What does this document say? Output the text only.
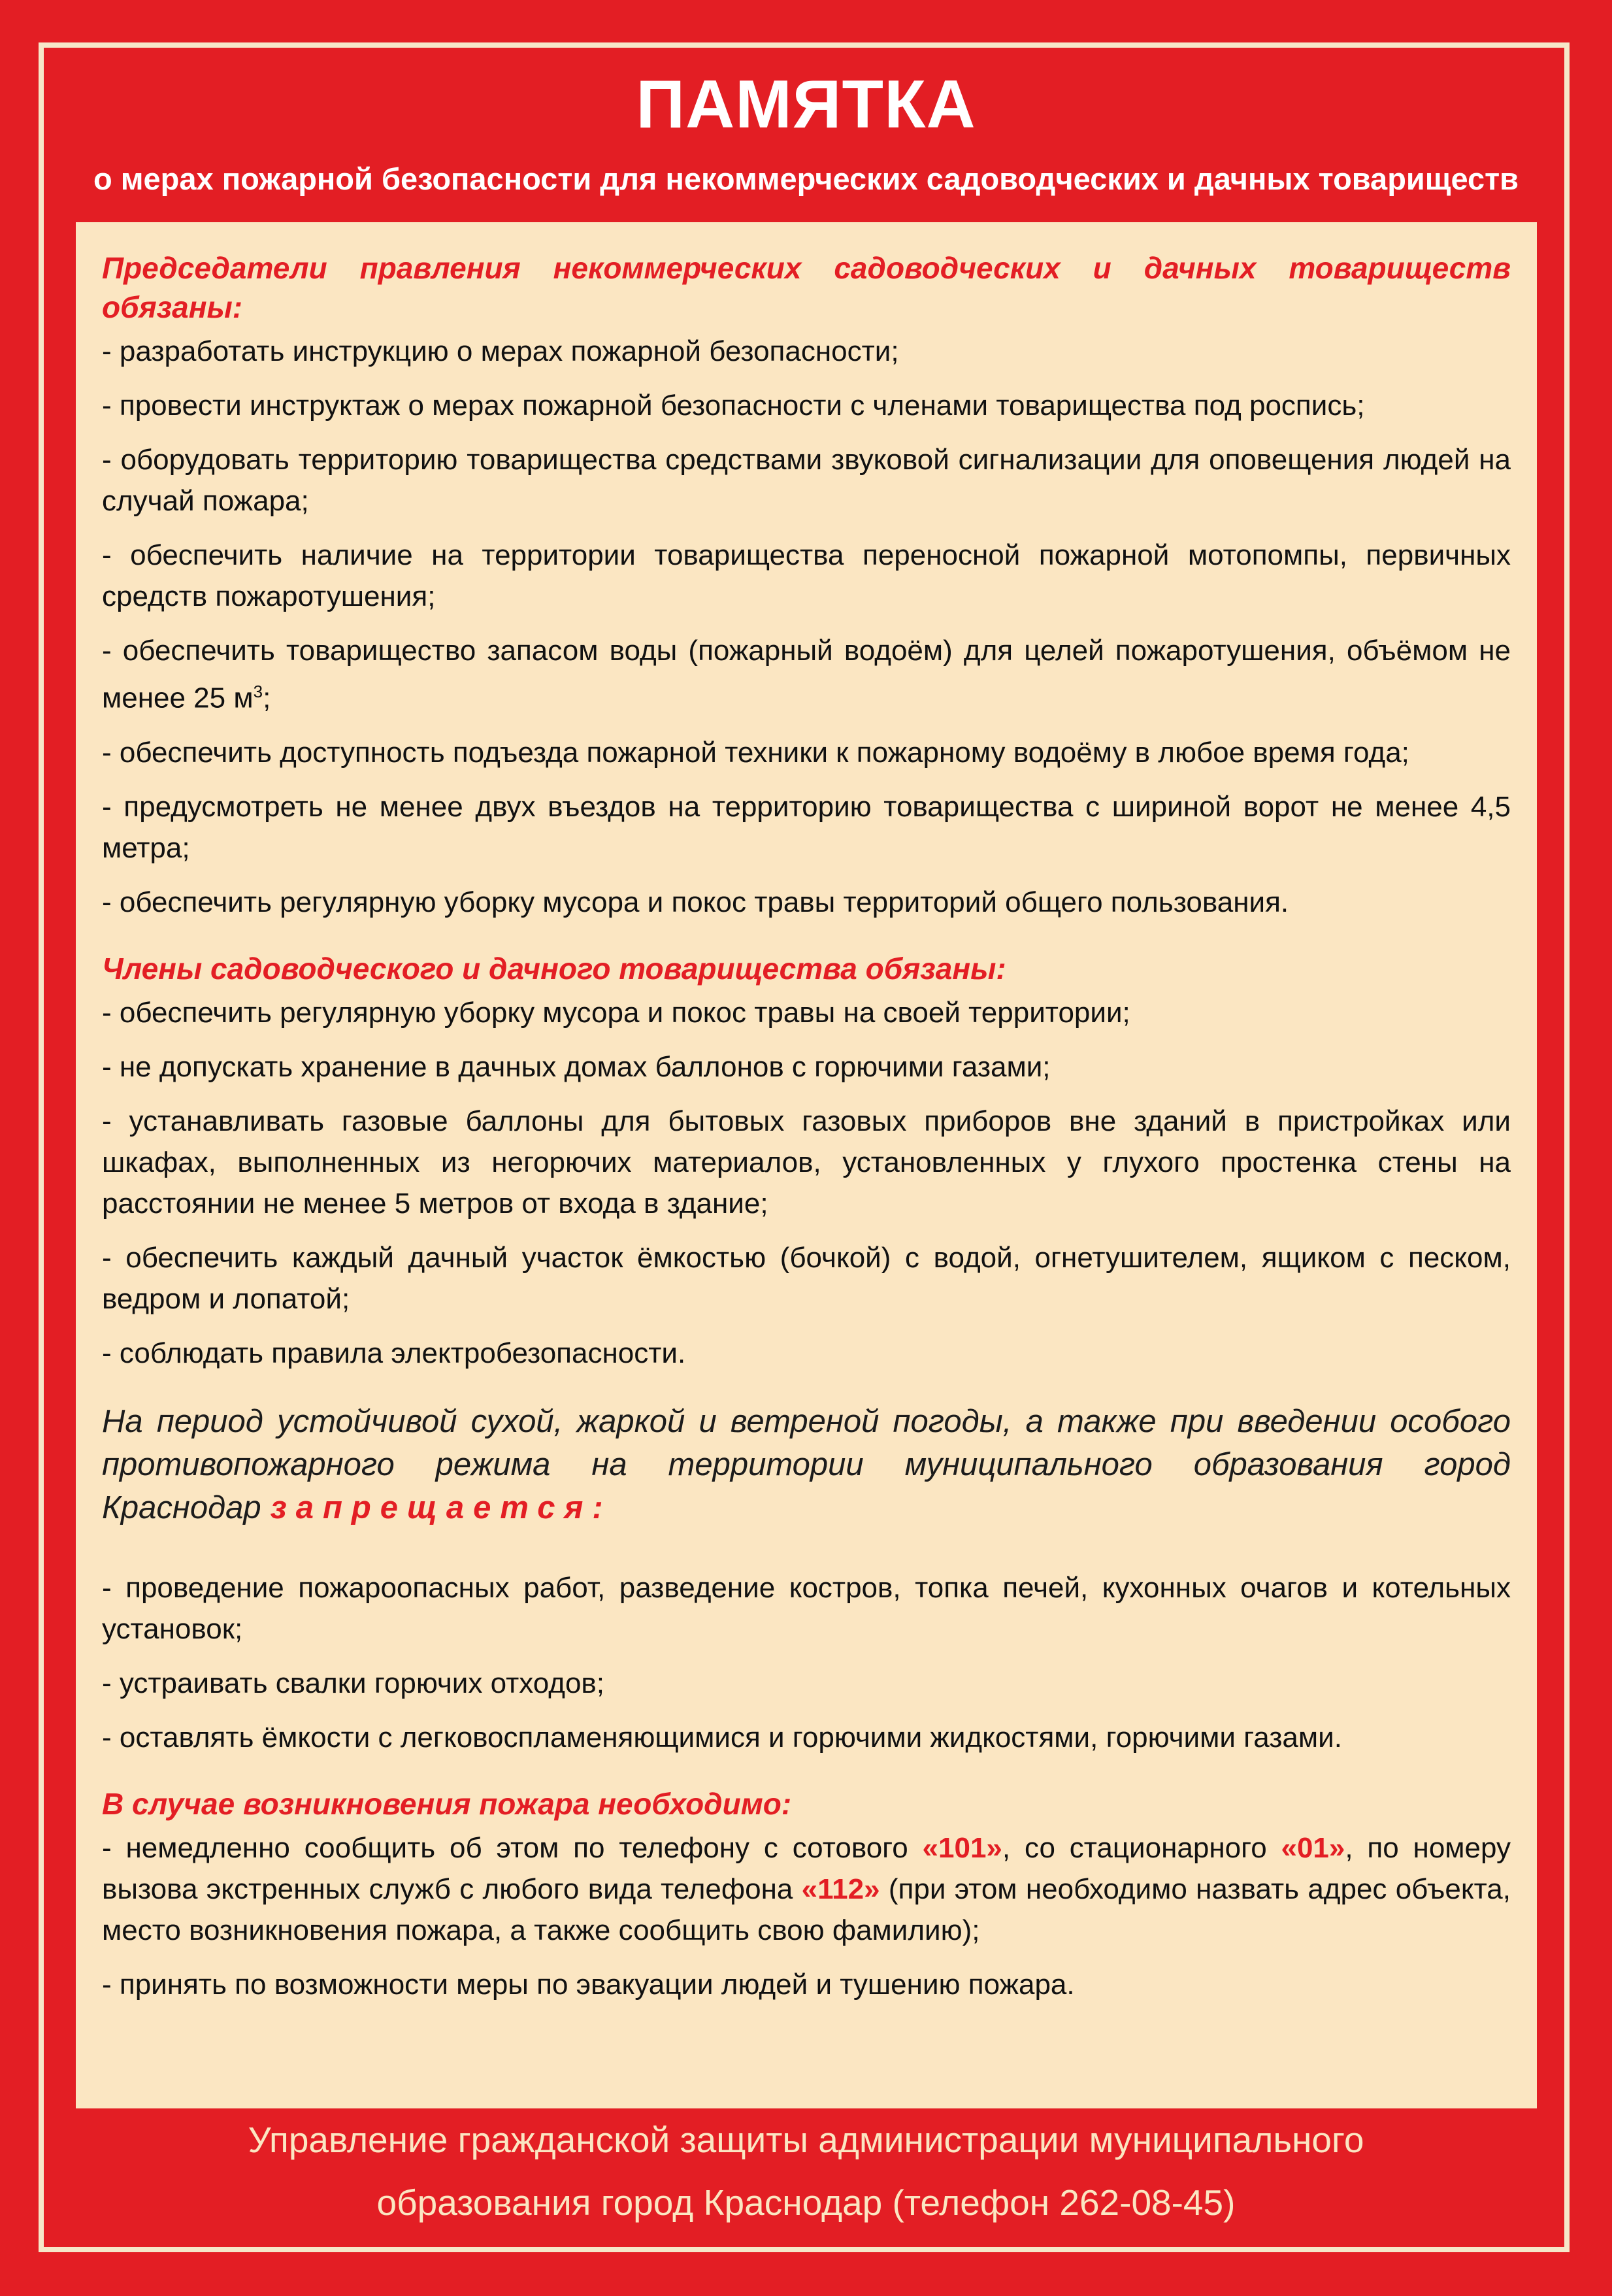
ПАМЯТКА
о мерах пожарной безопасности для некоммерческих садоводческих и дачных товариществ
Председатели правления некоммерческих садоводческих и дачных товариществ обязаны:
- разработать инструкцию о мерах пожарной безопасности;
- провести инструктаж о мерах пожарной безопасности с членами товарищества под роспись;
- оборудовать территорию товарищества средствами звуковой сигнализации для оповещения людей на случай пожара;
- обеспечить наличие на территории товарищества переносной пожарной мотопомпы, первичных средств пожаротушения;
- обеспечить товарищество запасом воды (пожарный водоём) для целей пожаротушения, объёмом не менее 25 $м^3$;
- обеспечить доступность подъезда пожарной техники к пожарному водоёму в любое время года;
- предусмотреть не менее двух въездов на территорию товарищества с шириной ворот не менее 4,5 метра;
- обеспечить регулярную уборку мусора и покос травы территорий общего пользования.
Члены садоводческого и дачного товарищества обязаны:
- обеспечить регулярную уборку мусора и покос травы на своей территории;
- не допускать хранение в дачных домах баллонов с горючими газами;
- устанавливать газовые баллоны для бытовых газовых приборов вне зданий в пристройках или шкафах, выполненных из негорючих материалов, установленных у глухого простенка стены на расстоянии не менее 5 метров от входа в здание;
- обеспечить каждый дачный участок ёмкостью (бочкой) с водой, огнетушителем, ящиком с песком, ведром и лопатой;
- соблюдать правила электробезопасности.
На период устойчивой сухой, жаркой и ветреной погоды, а также при введении особого противопожарного режима на территории муниципального образования город Краснодар запрещается:
- проведение пожароопасных работ, разведение костров, топка печей, кухонных очагов и котельных установок;
- устраивать свалки горючих отходов;
- оставлять ёмкости с легковоспламеняющимися и горючими жидкостями, горючими газами.
В случае возникновения пожара необходимо:
- немедленно сообщить об этом по телефону с сотового «101», со стационарного «01», по номеру вызова экстренных служб с любого вида телефона «112» (при этом необходимо назвать адрес объекта, место возникновения пожара, а также сообщить свою фамилию);
- принять по возможности меры по эвакуации людей и тушению пожара.
Управление гражданской защиты администрации муниципального
образования город Краснодар (телефон 262-08-45)
